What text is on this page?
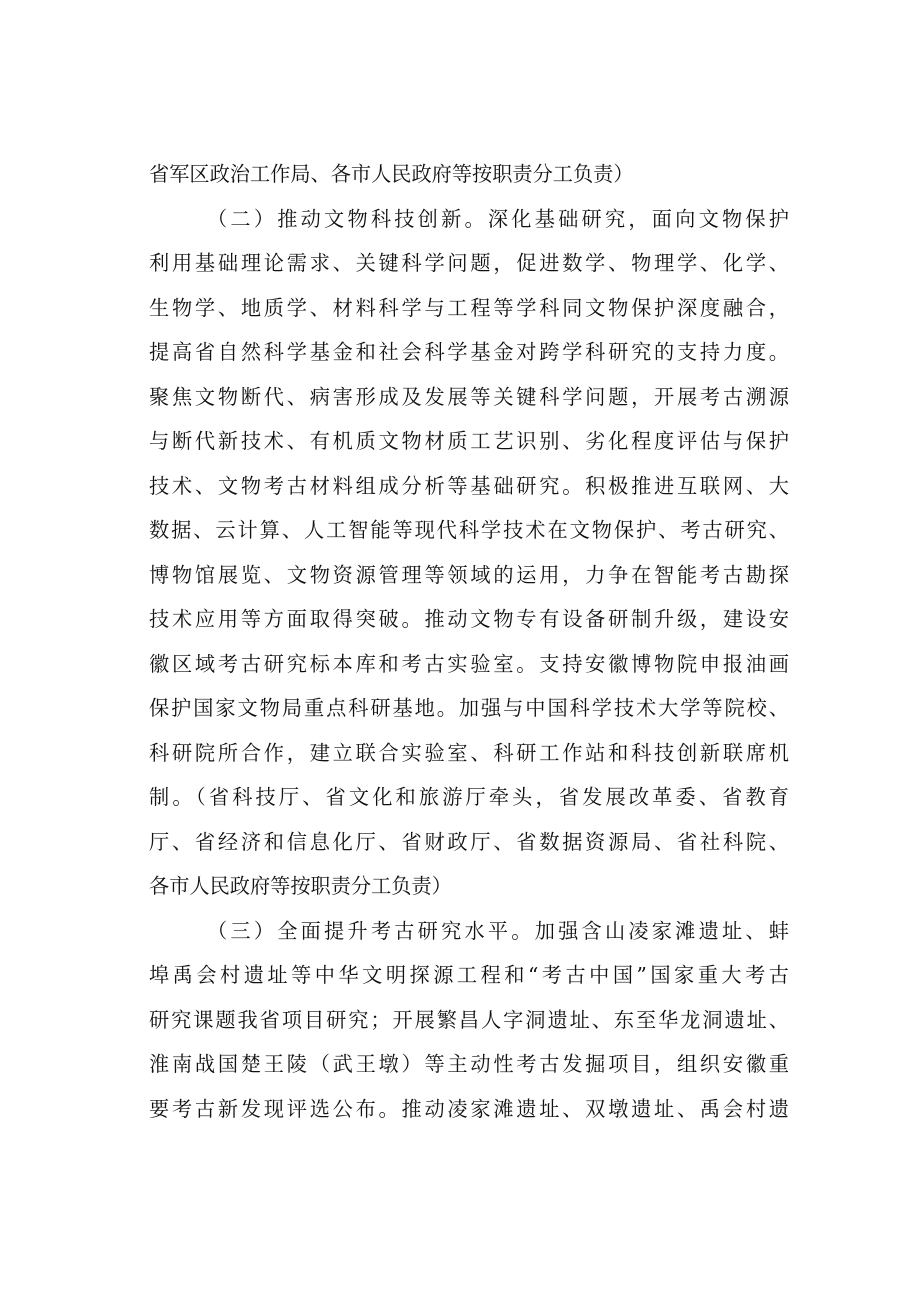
省军区政治工作局、各市人民政府等按职责分工负责）
（二）推动文物科技创新。深化基础研究，面向文物保护
利用基础理论需求、关键科学问题，促进数学、物理学、化学、
生物学、地质学、材料科学与工程等学科同文物保护深度融合，
提高省自然科学基金和社会科学基金对跨学科研究的支持力度。
聚焦文物断代、病害形成及发展等关键科学问题，开展考古溯源
与断代新技术、有机质文物材质工艺识别、劣化程度评估与保护
技术、文物考古材料组成分析等基础研究。积极推进互联网、大
数据、云计算、人工智能等现代科学技术在文物保护、考古研究、
博物馆展览、文物资源管理等领域的运用，力争在智能考古勘探
技术应用等方面取得突破。推动文物专有设备研制升级，建设安
徽区域考古研究标本库和考古实验室。支持安徽博物院申报油画
保护国家文物局重点科研基地。加强与中国科学技术大学等院校、
科研院所合作，建立联合实验室、科研工作站和科技创新联席机
制。（省科技厅、省文化和旅游厅牵头，省发展改革委、省教育
厅、省经济和信息化厅、省财政厅、省数据资源局、省社科院、
各市人民政府等按职责分工负责）
（三）全面提升考古研究水平。加强含山凌家滩遗址、蚌
埠禹会村遗址等中华文明探源工程和“考古中国”国家重大考古
研究课题我省项目研究；开展繁昌人字洞遗址、东至华龙洞遗址、
淮南战国楚王陵（武王墩）等主动性考古发掘项目，组织安徽重
要考古新发现评选公布。推动凌家滩遗址、双墩遗址、禹会村遗
